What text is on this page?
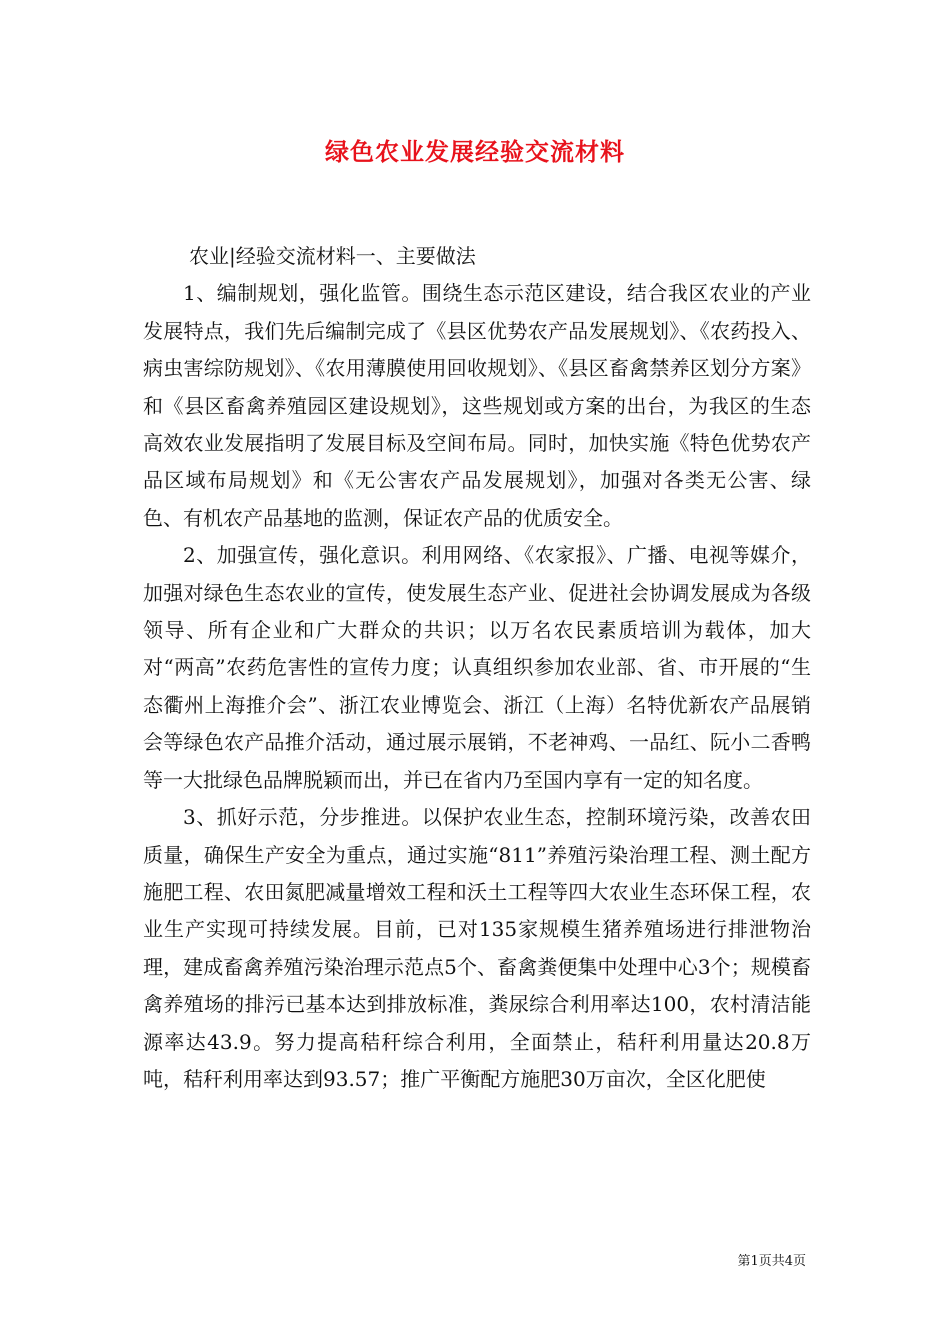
绿色农业发展经验交流材料

农业|经验交流材料一、主要做法

1、编制规划，强化监管。围绕生态示范区建设，结合我区农业的产业发展特点，我们先后编制完成了《县区优势农产品发展规划》、《农药投入、病虫害综防规划》、《农用薄膜使用回收规划》、《县区畜禽禁养区划分方案》和《县区畜禽养殖园区建设规划》，这些规划或方案的出台，为我区的生态高效农业发展指明了发展目标及空间布局。同时，加快实施《特色优势农产品区域布局规划》和《无公害农产品发展规划》，加强对各类无公害、绿色、有机农产品基地的监测，保证农产品的优质安全。

2、加强宣传，强化意识。利用网络、《农家报》、广播、电视等媒介，加强对绿色生态农业的宣传，使发展生态产业、促进社会协调发展成为各级领导、所有企业和广大群众的共识；以万名农民素质培训为载体，加大对“两高”农药危害性的宣传力度；认真组织参加农业部、省、市开展的“生态衢州上海推介会”、浙江农业博览会、浙江（上海）名特优新农产品展销会等绿色农产品推介活动，通过展示展销，不老神鸡、一品红、阮小二香鸭等一大批绿色品牌脱颖而出，并已在省内乃至国内享有一定的知名度。

3、抓好示范，分步推进。以保护农业生态，控制环境污染，改善农田质量，确保生产安全为重点，通过实施“811”养殖污染治理工程、测土配方施肥工程、农田氮肥减量增效工程和沃土工程等四大农业生态环保工程，农业生产实现可持续发展。目前，已对135家规模生猪养殖场进行排泄物治理，建成畜禽养殖污染治理示范点5个、畜禽粪便集中处理中心3个；规模畜禽养殖场的排污已基本达到排放标准，粪尿综合利用率达100，农村清洁能源率达43.9。努力提高秸秆综合利用，全面禁止，秸秆利用量达20.8万吨，秸秆利用率达到93.57；推广平衡配方施肥30万亩次，全区化肥使

第1页共4页
